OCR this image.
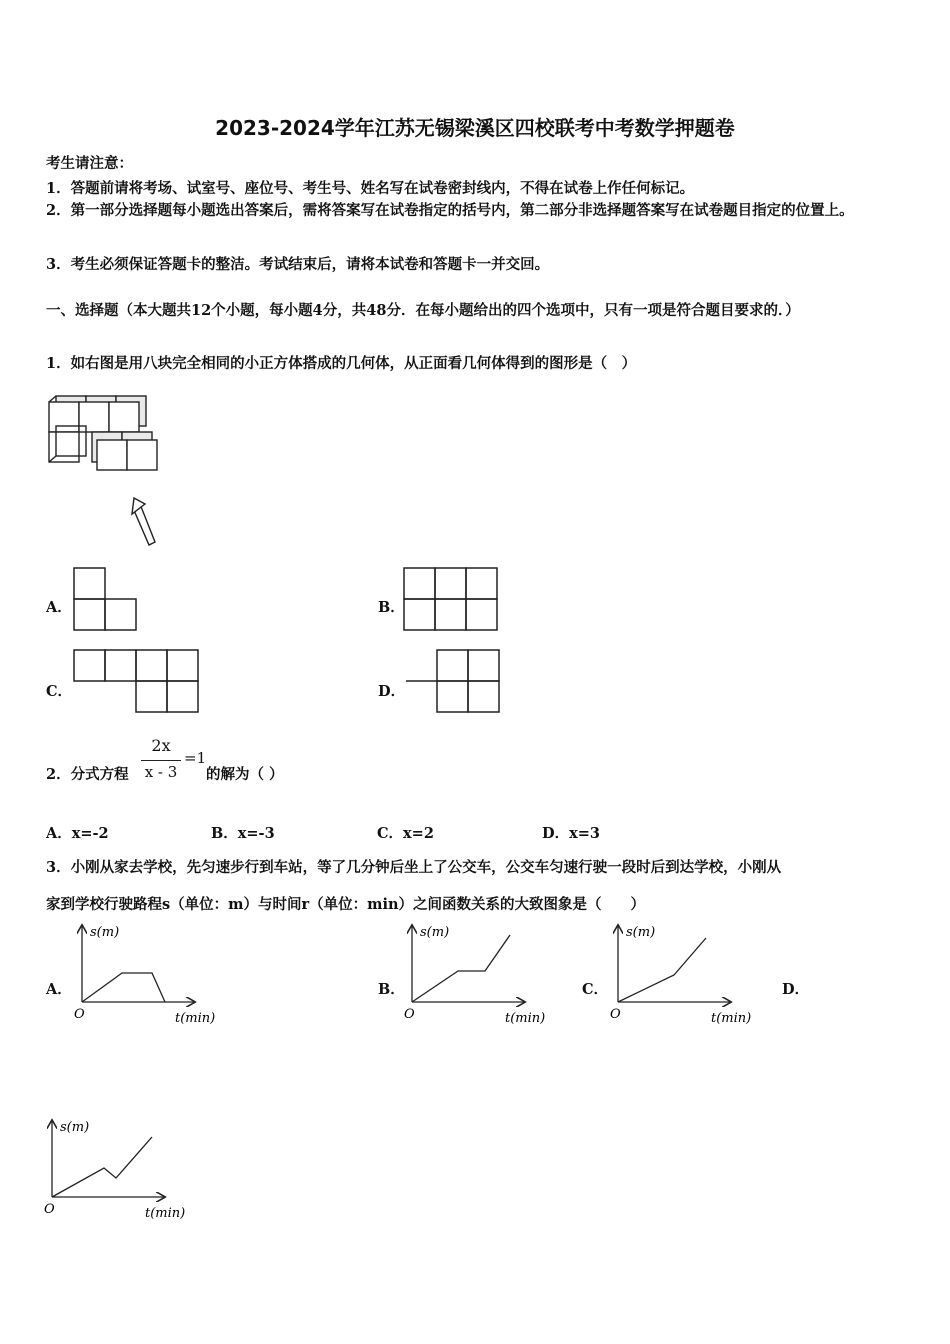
2023-2024学年江苏无锡梁溪区四校联考中考数学押题卷
考生请注意：
1．答题前请将考场、试室号、座位号、考生号、姓名写在试卷密封线内，不得在试卷上作任何标记。
2．第一部分选择题每小题选出答案后，需将答案写在试卷指定的括号内，第二部分非选择题答案写在试卷题目指定的位置上。
3．考生必须保证答题卡的整洁。考试结束后，请将本试卷和答题卡一并交回。
一、选择题（本大题共12个小题，每小题4分，共48分．在每小题给出的四个选项中，只有一项是符合题目要求的．）
1．如右图是用八块完全相同的小正方体搭成的几何体，从正面看几何体得到的图形是（　）
A．	B．
C．	D．
2．分式方程
2x
x - 3
=1
的解为（ ）
A．x=-2	B．x=-3	C．x=2	D．x=3
3．小刚从家去学校，先匀速步行到车站，等了几分钟后坐上了公交车，公交车匀速行驶一段时后到达学校，小刚从
家到学校行驶路程s（单位：m）与时间r（单位：min）之间函数关系的大致图象是（　　）
A．
s(m)
t(min)
O
B．
s(m)
t(min)
O
C．
s(m)
t(min)
O
D．
s(m)
t(min)
O
